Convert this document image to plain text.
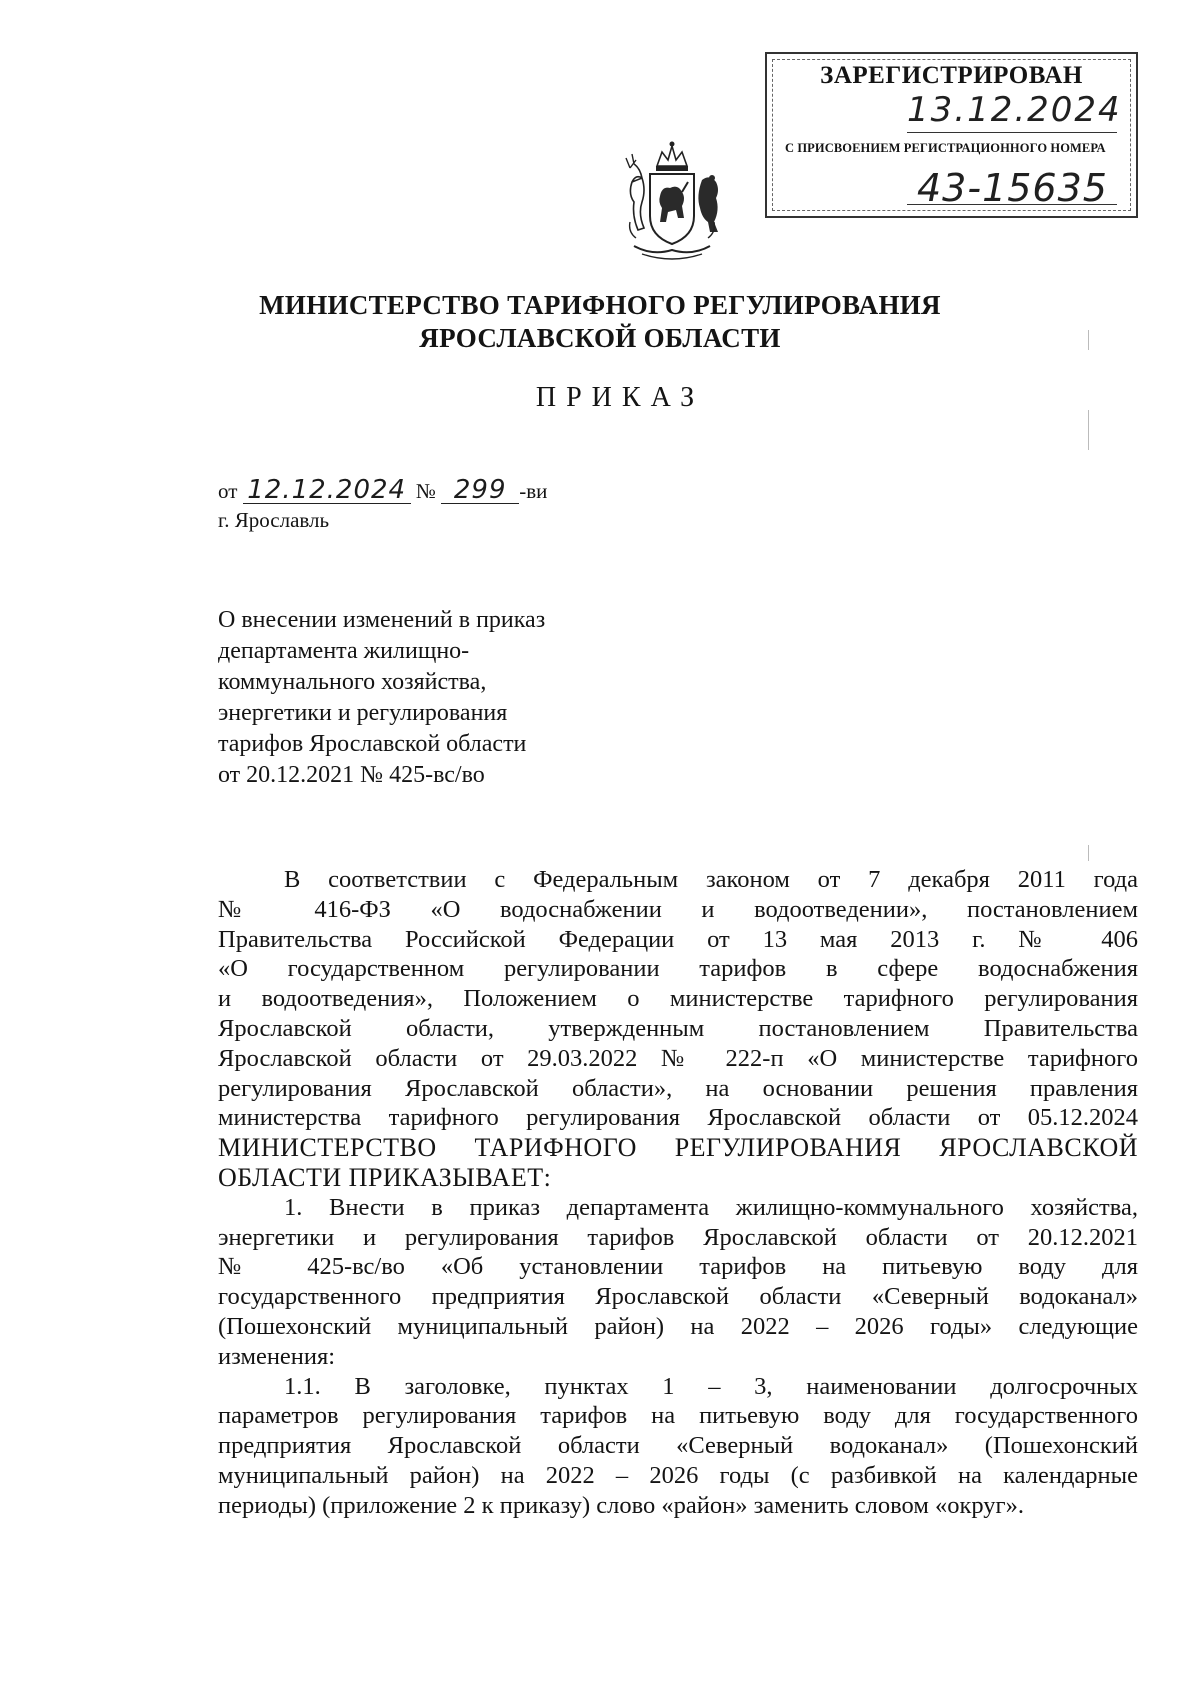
ЗАРЕГИСТРИРОВАН
13.12.2024
С ПРИСВОЕНИЕМ РЕГИСТРАЦИОННОГО НОМЕРА
43-15635
МИНИСТЕРСТВО ТАРИФНОГО РЕГУЛИРОВАНИЯ
ЯРОСЛАВСКОЙ ОБЛАСТИ
ПРИКАЗ
от 12.12.2024 № 299 -ви
г. Ярославль
О внесении изменений в приказ
департамента жилищно-
коммунального хозяйства,
энергетики и регулирования
тарифов Ярославской области
от 20.12.2021 № 425-вс/во
В соответствии с Федеральным законом от 7 декабря 2011 года
№ 416-ФЗ «О водоснабжении и водоотведении», постановлением
Правительства Российской Федерации от 13 мая 2013 г. № 406
«О государственном регулировании тарифов в сфере водоснабжения
и водоотведения», Положением о министерстве тарифного регулирования
Ярославской области, утвержденным постановлением Правительства
Ярославской области от 29.03.2022 № 222-п «О министерстве тарифного
регулирования Ярославской области», на основании решения правления
министерства тарифного регулирования Ярославской области от 05.12.2024
МИНИСТЕРСТВО ТАРИФНОГО РЕГУЛИРОВАНИЯ ЯРОСЛАВСКОЙ
ОБЛАСТИ ПРИКАЗЫВАЕТ:
1. Внести в приказ департамента жилищно-коммунального хозяйства,
энергетики и регулирования тарифов Ярославской области от 20.12.2021
№ 425-вс/во «Об установлении тарифов на питьевую воду для
государственного предприятия Ярославской области «Северный водоканал»
(Пошехонский муниципальный район) на 2022 – 2026 годы» следующие
изменения:
1.1. В заголовке, пунктах 1 – 3, наименовании долгосрочных
параметров регулирования тарифов на питьевую воду для государственного
предприятия Ярославской области «Северный водоканал» (Пошехонский
муниципальный район) на 2022 – 2026 годы (с разбивкой на календарные
периоды) (приложение 2 к приказу) слово «район» заменить словом «округ».
